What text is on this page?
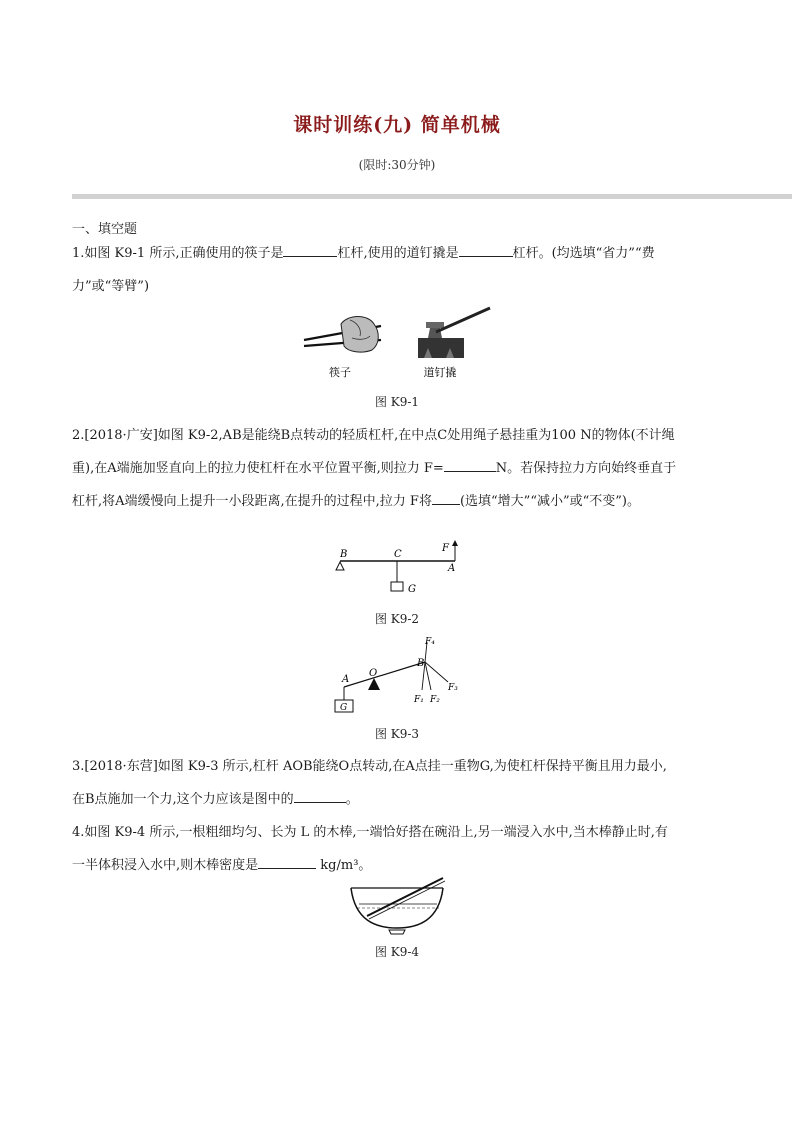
课时训练(九) 简单机械
(限时:30分钟)
一、填空题
1.如图 K9-1 所示,正确使用的筷子是	杠杆,使用的道钉撬是	杠杆。(均选填“省力”“费
力”或“等臂”)
筷子	道钉撬
图 K9-1
2.[2018·广安]如图 K9-2,AB是能绕B点转动的轻质杠杆,在中点C处用绳子悬挂重为100 N的物体(不计绳
重),在A端施加竖直向上的拉力使杠杆在水平位置平衡,则拉力 F=	N。若保持拉力方向始终垂直于
杠杆,将A端缓慢向上提升一小段距离,在提升的过程中,拉力 F将 (选填“增大”“减小”或“不变”)。
B	C
F
A
G
图 K9-2
A
O
B
G
F₄
F₁ F₂
F₃
图 K9-3
3.[2018·东营]如图 K9-3 所示,杠杆 AOB能绕O点转动,在A点挂一重物G,为使杠杆保持平衡且用力最小,
在B点施加一个力,这个力应该是图中的	。
4.如图 K9-4 所示,一根粗细均匀、长为 L 的木棒,一端恰好搭在碗沿上,另一端浸入水中,当木棒静止时,有
一半体积浸入水中,则木棒密度是	kg/m³。
图 K9-4
